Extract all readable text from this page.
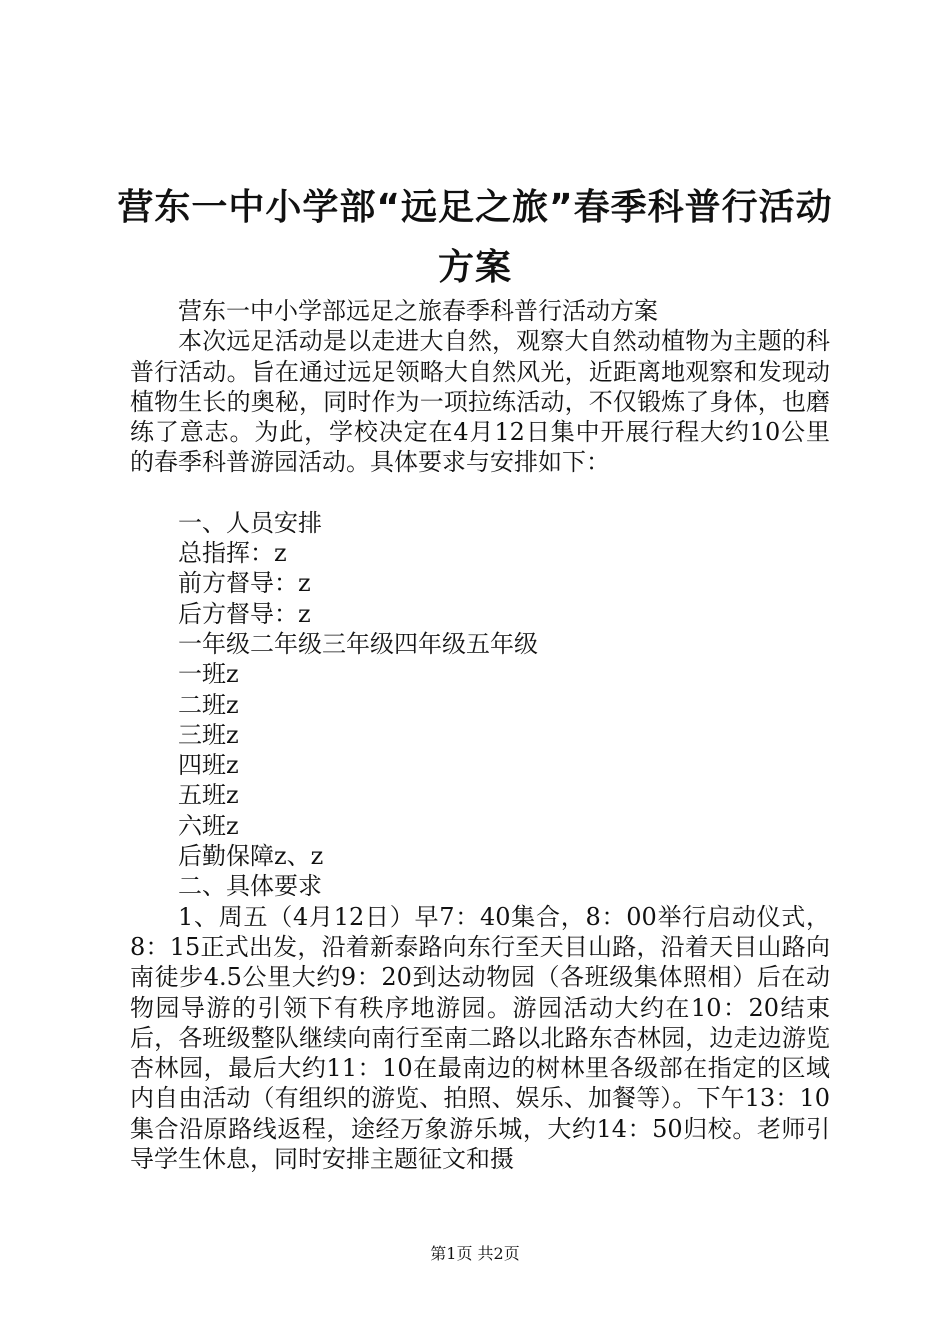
营东一中小学部“远足之旅”春季科普行活动
方案

营东一中小学部远足之旅春季科普行活动方案

本次远足活动是以走进大自然，观察大自然动植物为主题的科普行活动。旨在通过远足领略大自然风光，近距离地观察和发现动植物生长的奥秘，同时作为一项拉练活动，不仅锻炼了身体，也磨练了意志。为此，学校决定在4月12日集中开展行程大约10公里的春季科普游园活动。具体要求与安排如下：

一、人员安排

总指挥：z

前方督导：z

后方督导：z

一年级二年级三年级四年级五年级

一班z

二班z

三班z

四班z

五班z

六班z

后勤保障z、z

二、具体要求

1、周五（4月12日）早7：40集合，8：00举行启动仪式，8：15正式出发，沿着新泰路向东行至天目山路，沿着天目山路向南徒步4.5公里大约9：20到达动物园（各班级集体照相）后在动物园导游的引领下有秩序地游园。游园活动大约在10：20结束后，各班级整队继续向南行至南二路以北路东杏林园，边走边游览杏林园，最后大约11：10在最南边的树林里各级部在指定的区域内自由活动（有组织的游览、拍照、娱乐、加餐等）。下午13：10集合沿原路线返程，途经万象游乐城，大约14：50归校。老师引导学生休息，同时安排主题征文和摄

第1页 共2页
